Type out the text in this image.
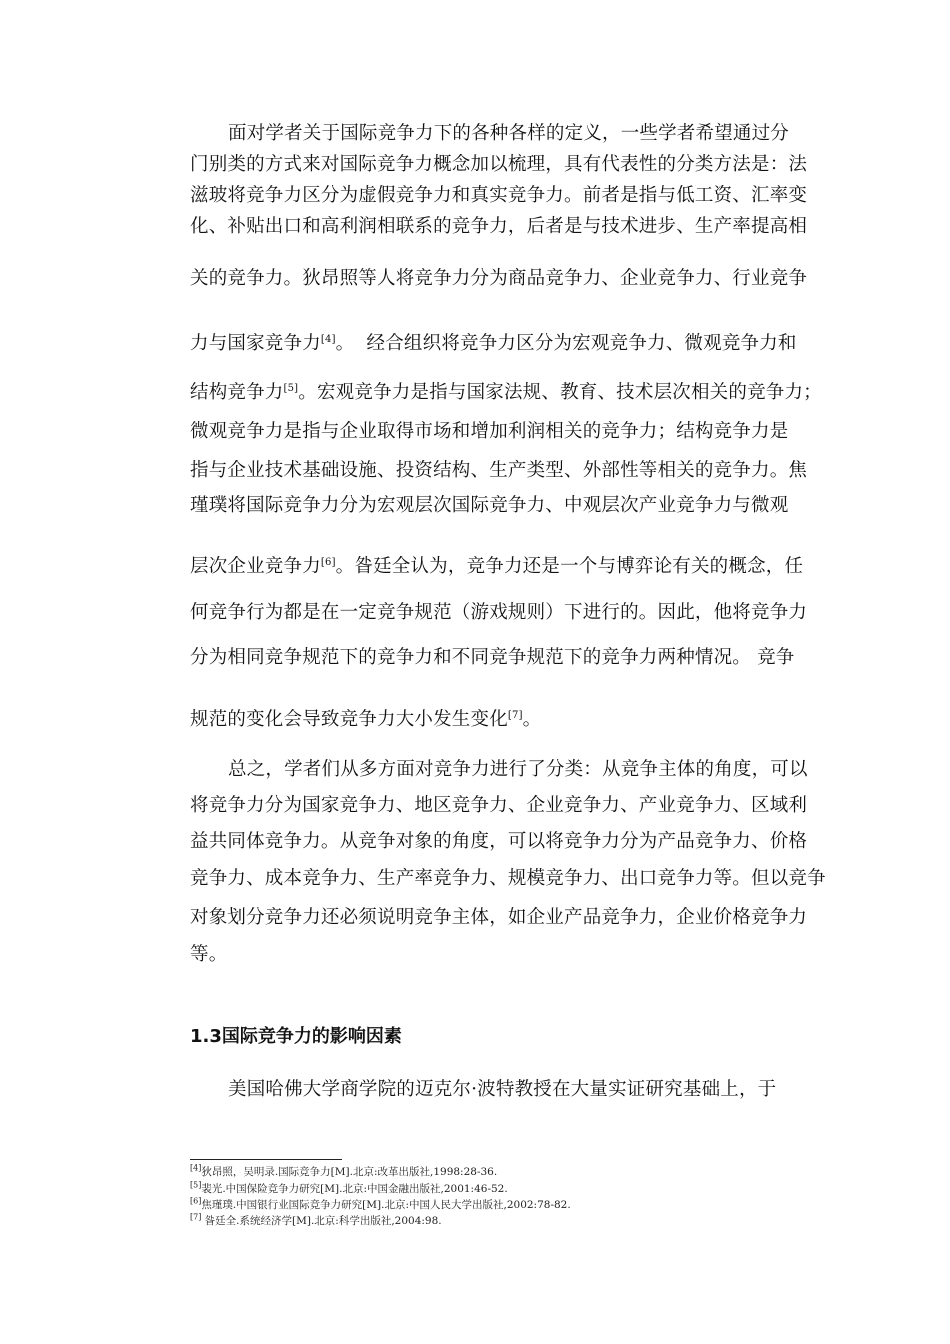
面对学者关于国际竞争力下的各种各样的定义，一些学者希望通过分
门别类的方式来对国际竞争力概念加以梳理，具有代表性的分类方法是：法
滋玻将竞争力区分为虚假竞争力和真实竞争力。前者是指与低工资、汇率变
化、补贴出口和高利润相联系的竞争力，后者是与技术进步、生产率提高相
关的竞争力。狄昂照等人将竞争力分为商品竞争力、企业竞争力、行业竞争
力与国家竞争力[4]。  经合组织将竞争力区分为宏观竞争力、微观竞争力和
结构竞争力[5]。宏观竞争力是指与国家法规、教育、技术层次相关的竞争力；
微观竞争力是指与企业取得市场和增加利润相关的竞争力；结构竞争力是
指与企业技术基础设施、投资结构、生产类型、外部性等相关的竞争力。焦
瑾璞将国际竞争力分为宏观层次国际竞争力、中观层次产业竞争力与微观
层次企业竞争力[6]。昝廷全认为，竞争力还是一个与博弈论有关的概念，任
何竞争行为都是在一定竞争规范（游戏规则）下进行的。因此，他将竞争力
分为相同竞争规范下的竞争力和不同竞争规范下的竞争力两种情况。 竞争
规范的变化会导致竞争力大小发生变化[7]。
总之，学者们从多方面对竞争力进行了分类：从竞争主体的角度，可以
将竞争力分为国家竞争力、地区竞争力、企业竞争力、产业竞争力、区域利
益共同体竞争力。从竞争对象的角度，可以将竞争力分为产品竞争力、价格
竞争力、成本竞争力、生产率竞争力、规模竞争力、出口竞争力等。但以竞争
对象划分竞争力还必须说明竞争主体，如企业产品竞争力，企业价格竞争力
等。
1.3国际竞争力的影响因素
美国哈佛大学商学院的迈克尔·波特教授在大量实证研究基础上，于
[4]狄昂照，吴明录.国际竞争力[M].北京:改革出版社,1998:28-36.
[5]裴光.中国保险竞争力研究[M].北京:中国金融出版社,2001:46-52.
[6]焦瑾璞.中国银行业国际竞争力研究[M].北京:中国人民大学出版社,2002:78-82.
[7] 昝廷全.系统经济学[M].北京:科学出版社,2004:98.
